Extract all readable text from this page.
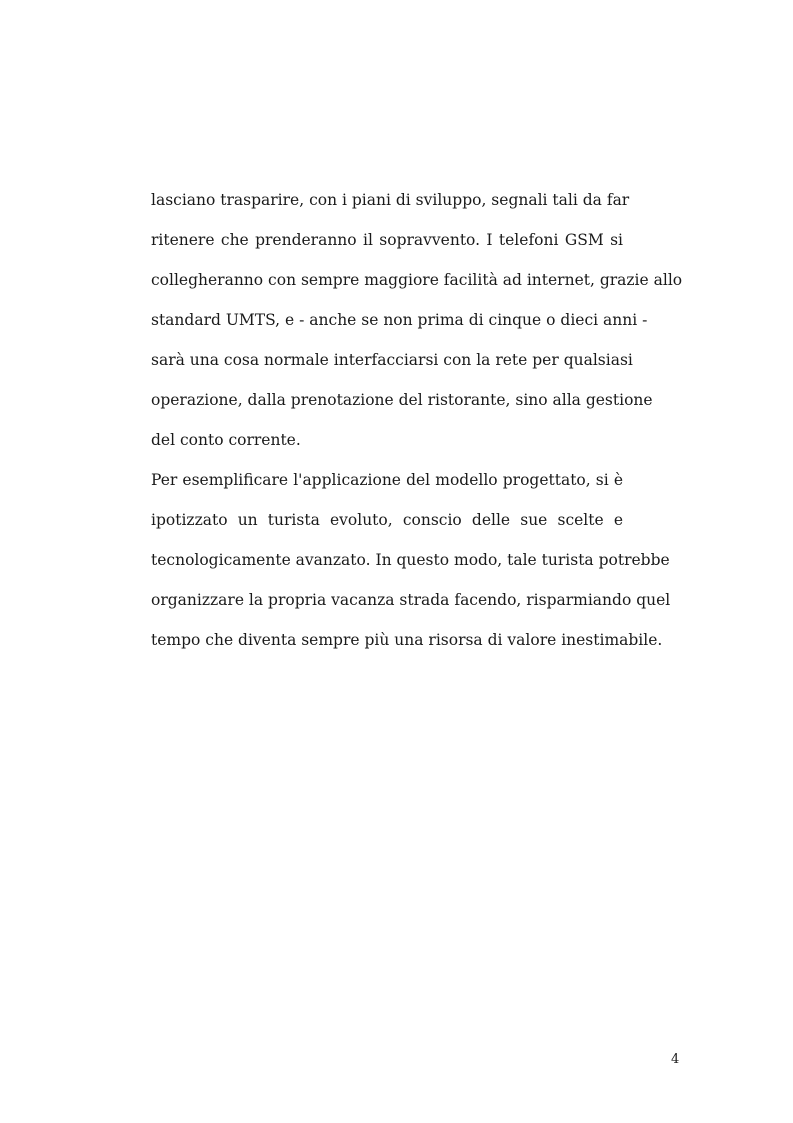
lasciano trasparire, con i piani di sviluppo, segnali tali da far
ritenere che prenderanno il sopravvento. I telefoni GSM si
collegheranno con sempre maggiore facilità ad internet, grazie allo
standard UMTS, e - anche se non prima di cinque o dieci anni -
sarà una cosa normale interfacciarsi con la rete per qualsiasi
operazione, dalla prenotazione del ristorante, sino alla gestione
del conto corrente.
Per esemplificare l'applicazione del modello progettato, si è
ipotizzato un turista evoluto, conscio delle sue scelte e
tecnologicamente avanzato. In questo modo, tale turista potrebbe
organizzare la propria vacanza strada facendo, risparmiando quel
tempo che diventa sempre più una risorsa di valore inestimabile.
4
